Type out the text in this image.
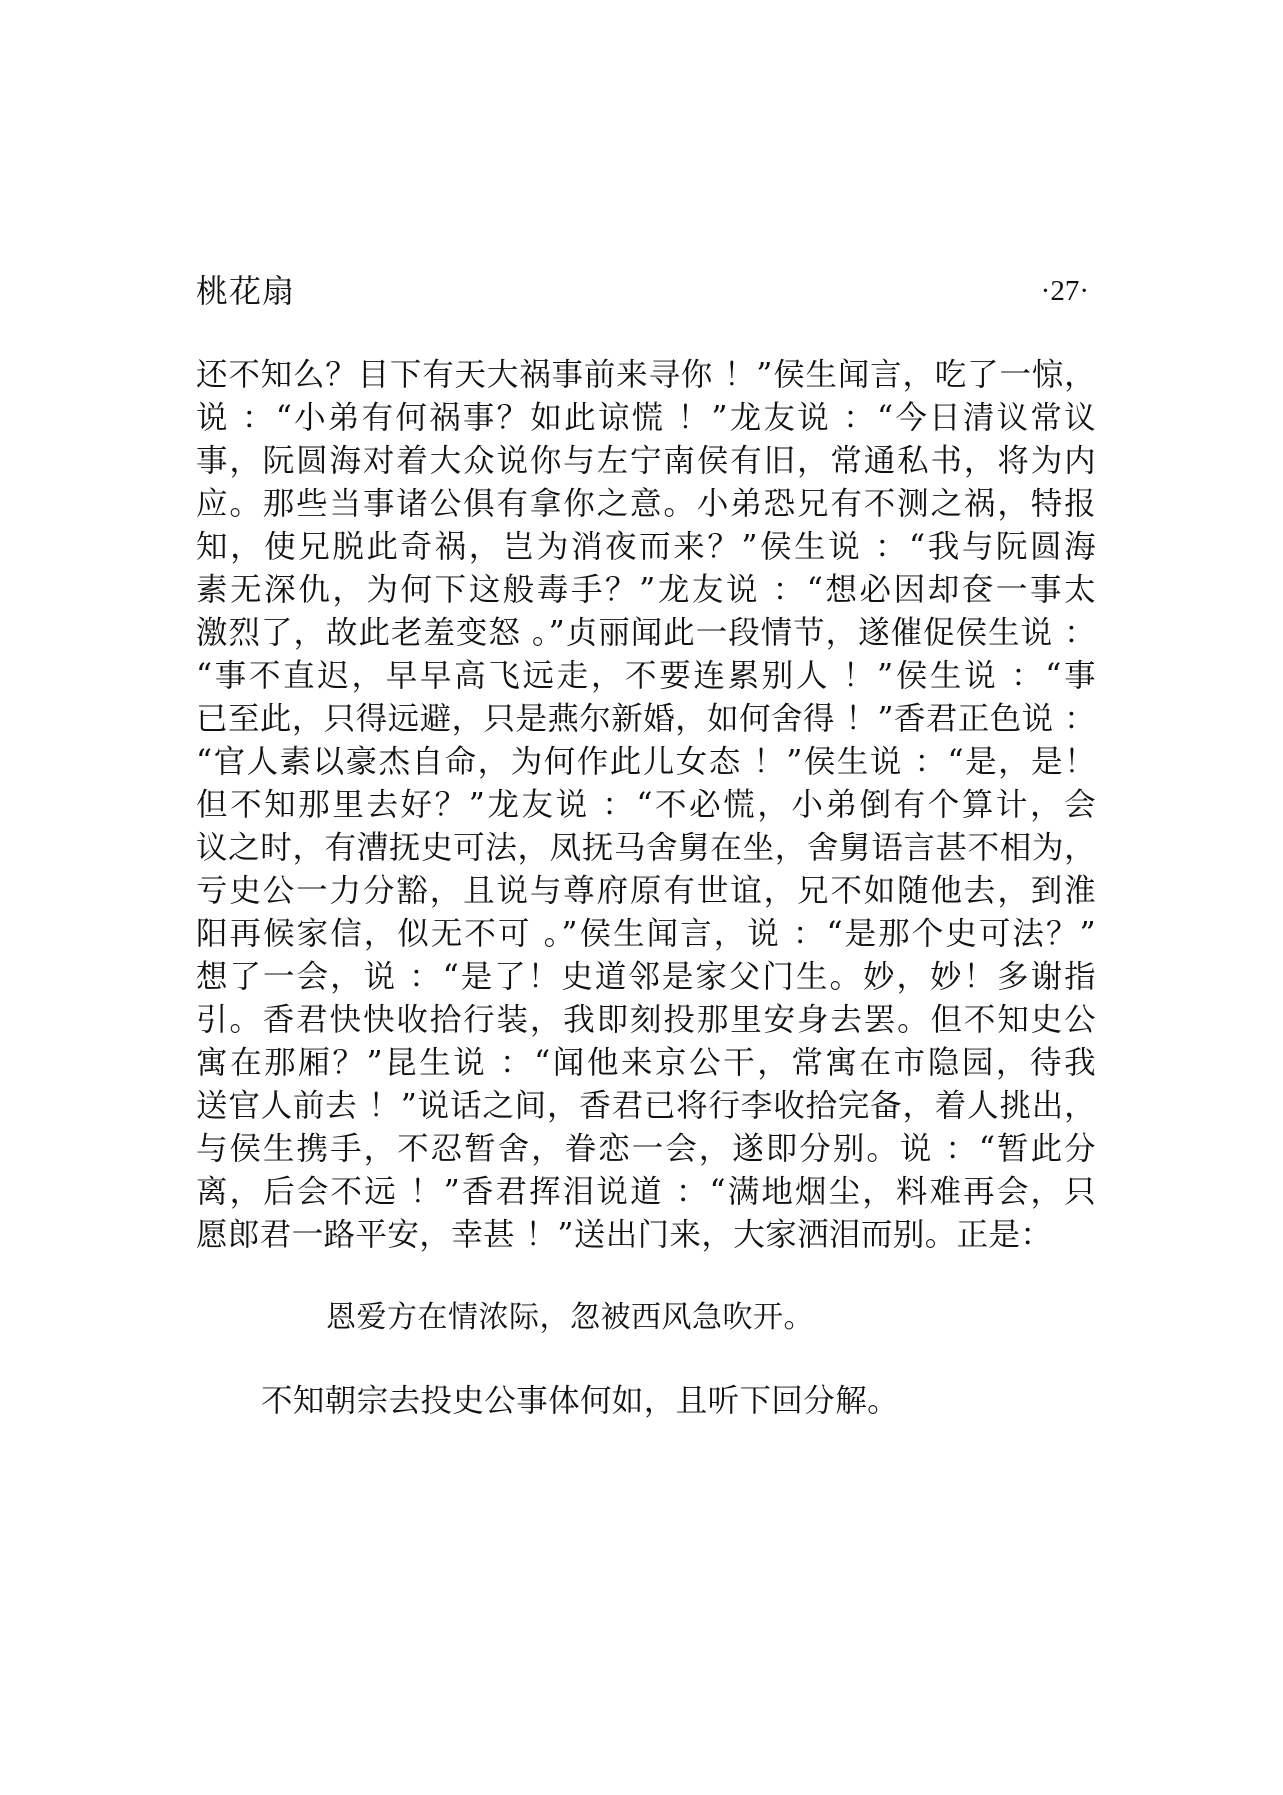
桃花扇	·27·
还不知么？目下有天大祸事前来寻你 ！”侯生闻言，吃了一惊，
说 ：“小弟有何祸事？如此谅慌 ！”龙友说 ：“今日清议常议
事，阮圆海对着大众说你与左宁南侯有旧，常通私书，将为内
应。那些当事诸公俱有拿你之意。小弟恐兄有不测之祸，特报
知，使兄脱此奇祸，岂为消夜而来？”侯生说 ：“我与阮圆海
素无深仇，为何下这般毒手？”龙友说 ：“想必因却奁一事太
激烈了，故此老羞变怒 。”贞丽闻此一段情节，遂催促侯生说 ：
“事不直迟，早早高飞远走，不要连累别人 ！”侯生说 ：“事
已至此，只得远避，只是燕尔新婚，如何舍得 ！”香君正色说 ：
“官人素以豪杰自命，为何作此儿女态 ！”侯生说 ：“是，是！
但不知那里去好？”龙友说 ：“不必慌，小弟倒有个算计，会
议之时，有漕抚史可法，凤抚马舍舅在坐，舍舅语言甚不相为，
亏史公一力分豁，且说与尊府原有世谊，兄不如随他去，到淮
阳再候家信，似无不可 。”侯生闻言，说 ：“是那个史可法？”
想了一会，说 ：“是了！史道邻是家父门生。妙，妙！多谢指
引。香君快快收拾行装，我即刻投那里安身去罢。但不知史公
寓在那厢？”昆生说 ：“闻他来京公干，常寓在市隐园，待我
送官人前去 ！”说话之间，香君已将行李收拾完备，着人挑出，
与侯生携手，不忍暂舍，眷恋一会，遂即分别。说 ：“暂此分
离，后会不远 ！”香君挥泪说道 ：“满地烟尘，料难再会，只
愿郎君一路平安，幸甚 ！”送出门来，大家洒泪而别。正是：
恩爱方在情浓际，忽被西风急吹开。
不知朝宗去投史公事体何如，且听下回分解。
